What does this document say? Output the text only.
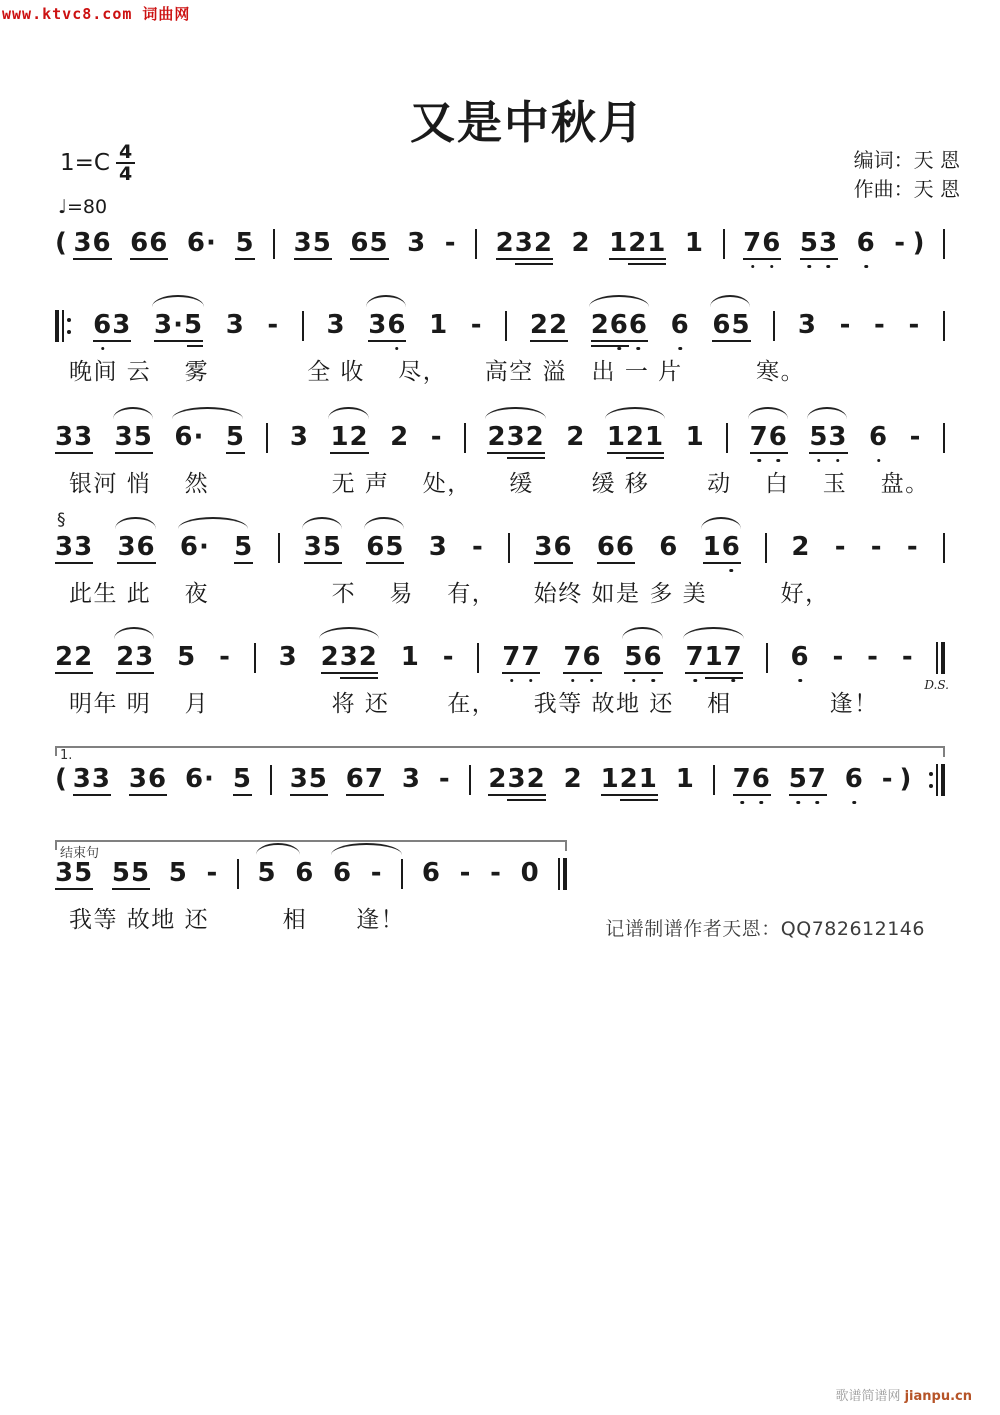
www.ktvc8.com 词曲网
又是中秋月
$1=C \frac{4}{4}$
♩=80
编词：天 恩
作曲：天 恩
( 36 66 6· 5 35 65 3 - 232 2 121 1 7
6 5
3 6 - )
6
3 3·5 3 - 3 36 1 - 22 26
6 6 65 3 - - -
晚间 云　 雾　　　　全 收　 尽，　　高空 溢　出 一 片　　　寒。
33 35 6· 5 3 12 2 - 232 2 121 1 7
6 5
3 6 -
银河 悄　 然　　　　　无 声　 处，　　缓　　 缓 移　　 动　 白　 玉　 盘。
33
§
36 6· 5 35 65 3 - 36 66 6 16 2 - - -
此生 此　 夜　　　　　不　 易　 有，　　始终 如是 多 美　　　好，
22 23 5 - 3 232 1 - 7
7 7
6 5
6 7
17 6 - - -
D.S.
明年 明　 月　　　　　将 还　　 在，　　我等 故地 还　 相　　　　逢！
1.
( 33 36 6· 5 35 67 3 - 232 2 121 1 7
6 5
7 6 - )
结束句
35 55 5 - 5 6 6 - 6 - - 0
我等 故地 还　　　相　　逢！	记谱制谱作者天恩：QQ782612146
歌谱简谱网 jianpu.cn
